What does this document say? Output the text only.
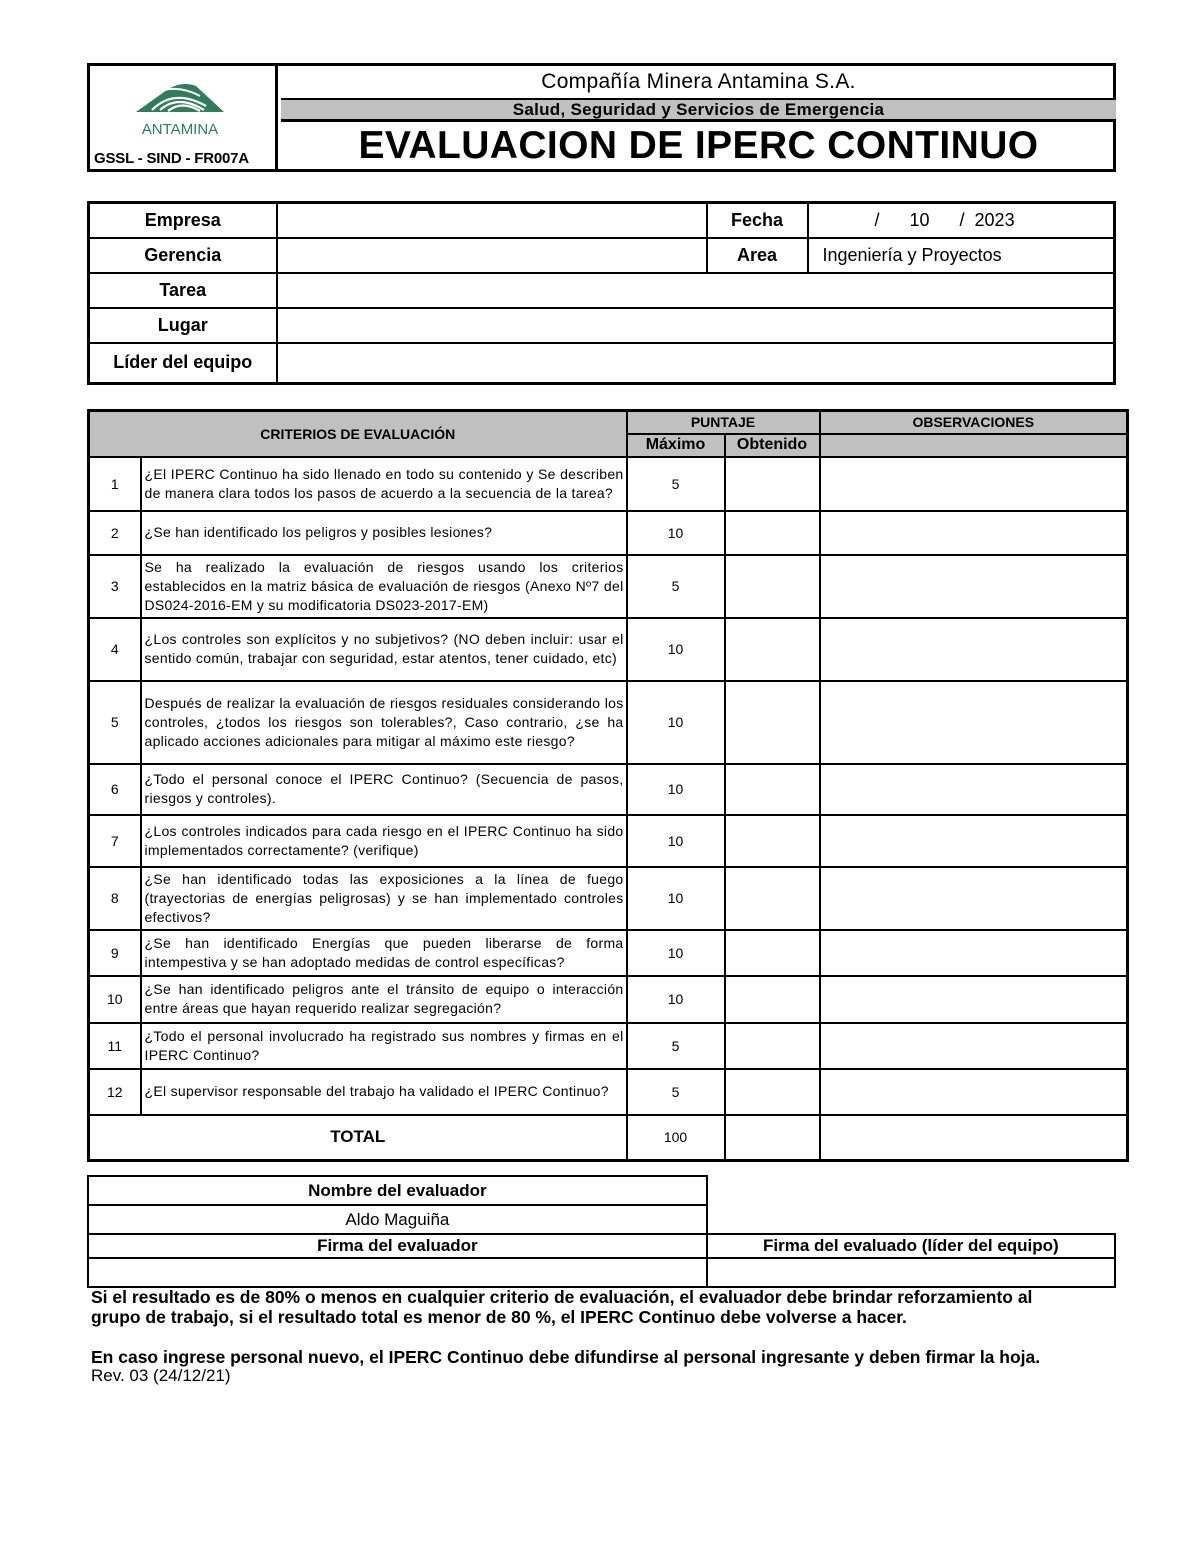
ANTAMINA
GSSL - SIND - FR007A
Compañía Minera Antamina S.A.
Salud, Seguridad y Servicios de Emergencia
EVALUACION DE IPERC CONTINUO
Empresa		Fecha	/      10      /  2023
Gerencia		Area	Ingeniería y Proyectos
Tarea			
Lugar			
Líder del equipo			
CRITERIOS DE EVALUACIÓN		PUNTAJE		OBSERVACIONES
		Máximo	Obtenido	
1	¿El IPERC Continuo ha sido llenado en todo su contenido y Se describen de manera clara todos los pasos de acuerdo a la secuencia de la tarea?	5		
2	¿Se han identificado los peligros y posibles lesiones?	10		
3	Se ha realizado la evaluación de riesgos usando los criterios establecidos en la matriz básica de evaluación de riesgos (Anexo Nº7 del DS024-2016-EM y su modificatoria DS023-2017-EM)	5		
4	¿Los controles son explícitos y no subjetivos? (NO deben incluir: usar el sentido común, trabajar con seguridad, estar atentos, tener cuidado, etc)	10		
5	Después de realizar la evaluación de riesgos residuales considerando los controles, ¿todos los riesgos son tolerables?, Caso contrario, ¿se ha aplicado acciones adicionales para mitigar al máximo este riesgo?	10		
6	¿Todo el personal conoce el IPERC Continuo? (Secuencia de pasos, riesgos y controles).	10		
7	¿Los controles indicados para cada riesgo en el IPERC Continuo ha sido implementados correctamente? (verifique)	10		
8	¿Se han identificado todas las exposiciones a la línea de fuego (trayectorias de energías peligrosas) y se han implementado controles efectivos?	10		
9	¿Se han identificado Energías que pueden liberarse de forma intempestiva y se han adoptado medidas de control específicas?	10		
10	¿Se han identificado peligros ante el tránsito de equipo o interacción entre áreas que hayan requerido realizar segregación?	10		
11	¿Todo el personal involucrado ha registrado sus nombres y firmas en el IPERC Continuo?	5		
12	¿El supervisor responsable del trabajo ha validado el IPERC Continuo?	5		
TOTAL		100		
Nombre del evaluador	
Aldo Maguiña	
Firma del evaluador	Firma del evaluado (líder del equipo)

Si el resultado es de 80% o menos en cualquier criterio de evaluación, el evaluador debe brindar reforzamiento al
grupo de trabajo, si el resultado total es menor de 80 %, el IPERC Continuo debe volverse a hacer.
En caso ingrese personal nuevo, el IPERC Continuo debe difundirse al personal ingresante y deben firmar la hoja.
Rev. 03 (24/12/21)
